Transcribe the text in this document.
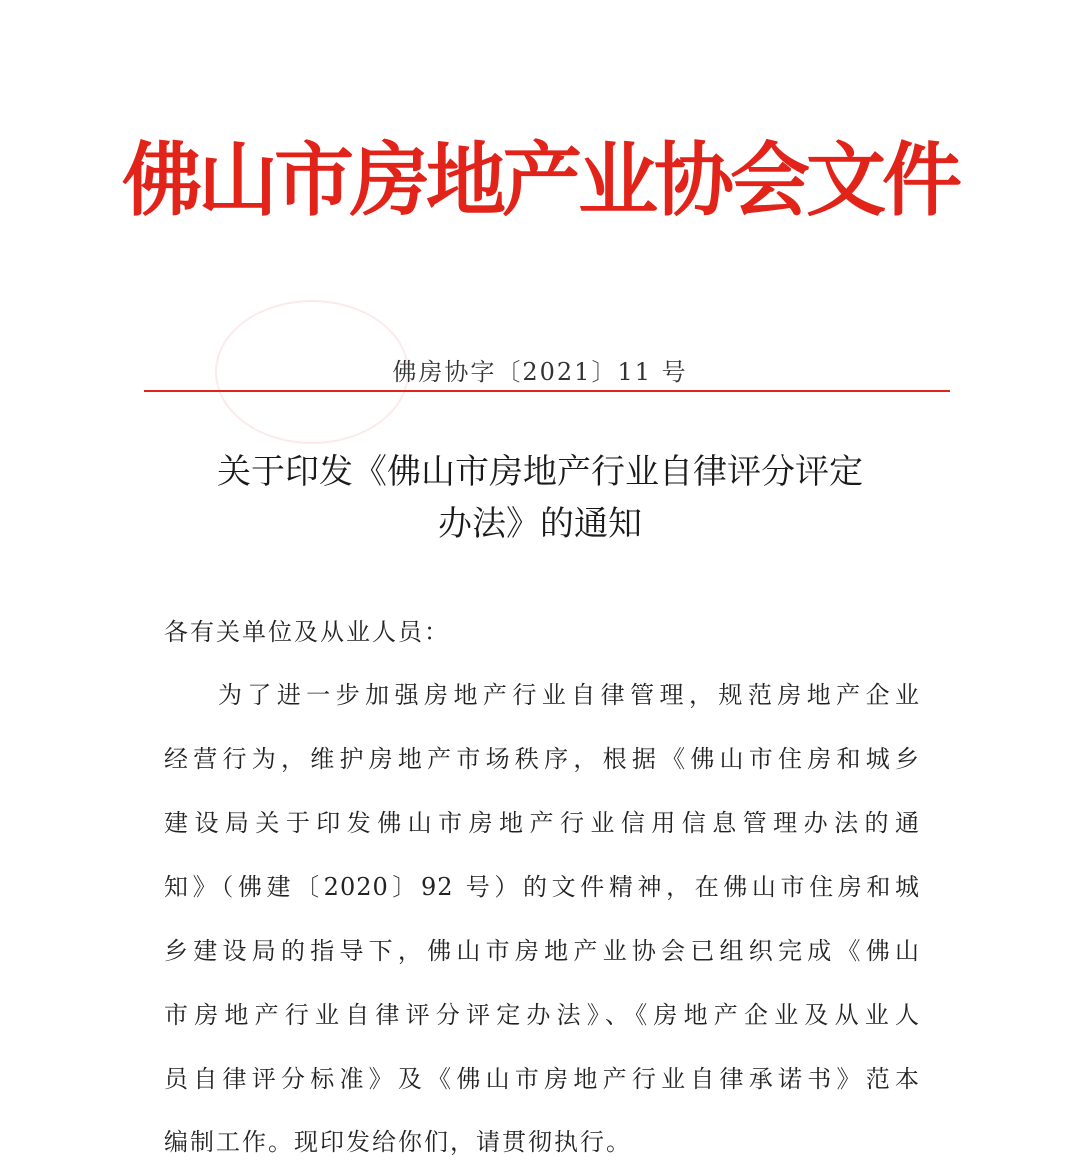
佛山市房地产业协会文件
佛房协字〔2021〕11 号
关于印发《佛山市房地产行业自律评分评定
办法》的通知
各有关单位及从业人员：
为了进一步加强房地产行业自律管理，规范房地产企业
经营行为，维护房地产市场秩序，根据《佛山市住房和城乡
建设局关于印发佛山市房地产行业信用信息管理办法的通
知》（佛建〔2020〕92 号）的文件精神，在佛山市住房和城
乡建设局的指导下，佛山市房地产业协会已组织完成《佛山
市房地产行业自律评分评定办法》、《房地产企业及从业人
员自律评分标准》及《佛山市房地产行业自律承诺书》范本
编制工作。现印发给你们，请贯彻执行。
